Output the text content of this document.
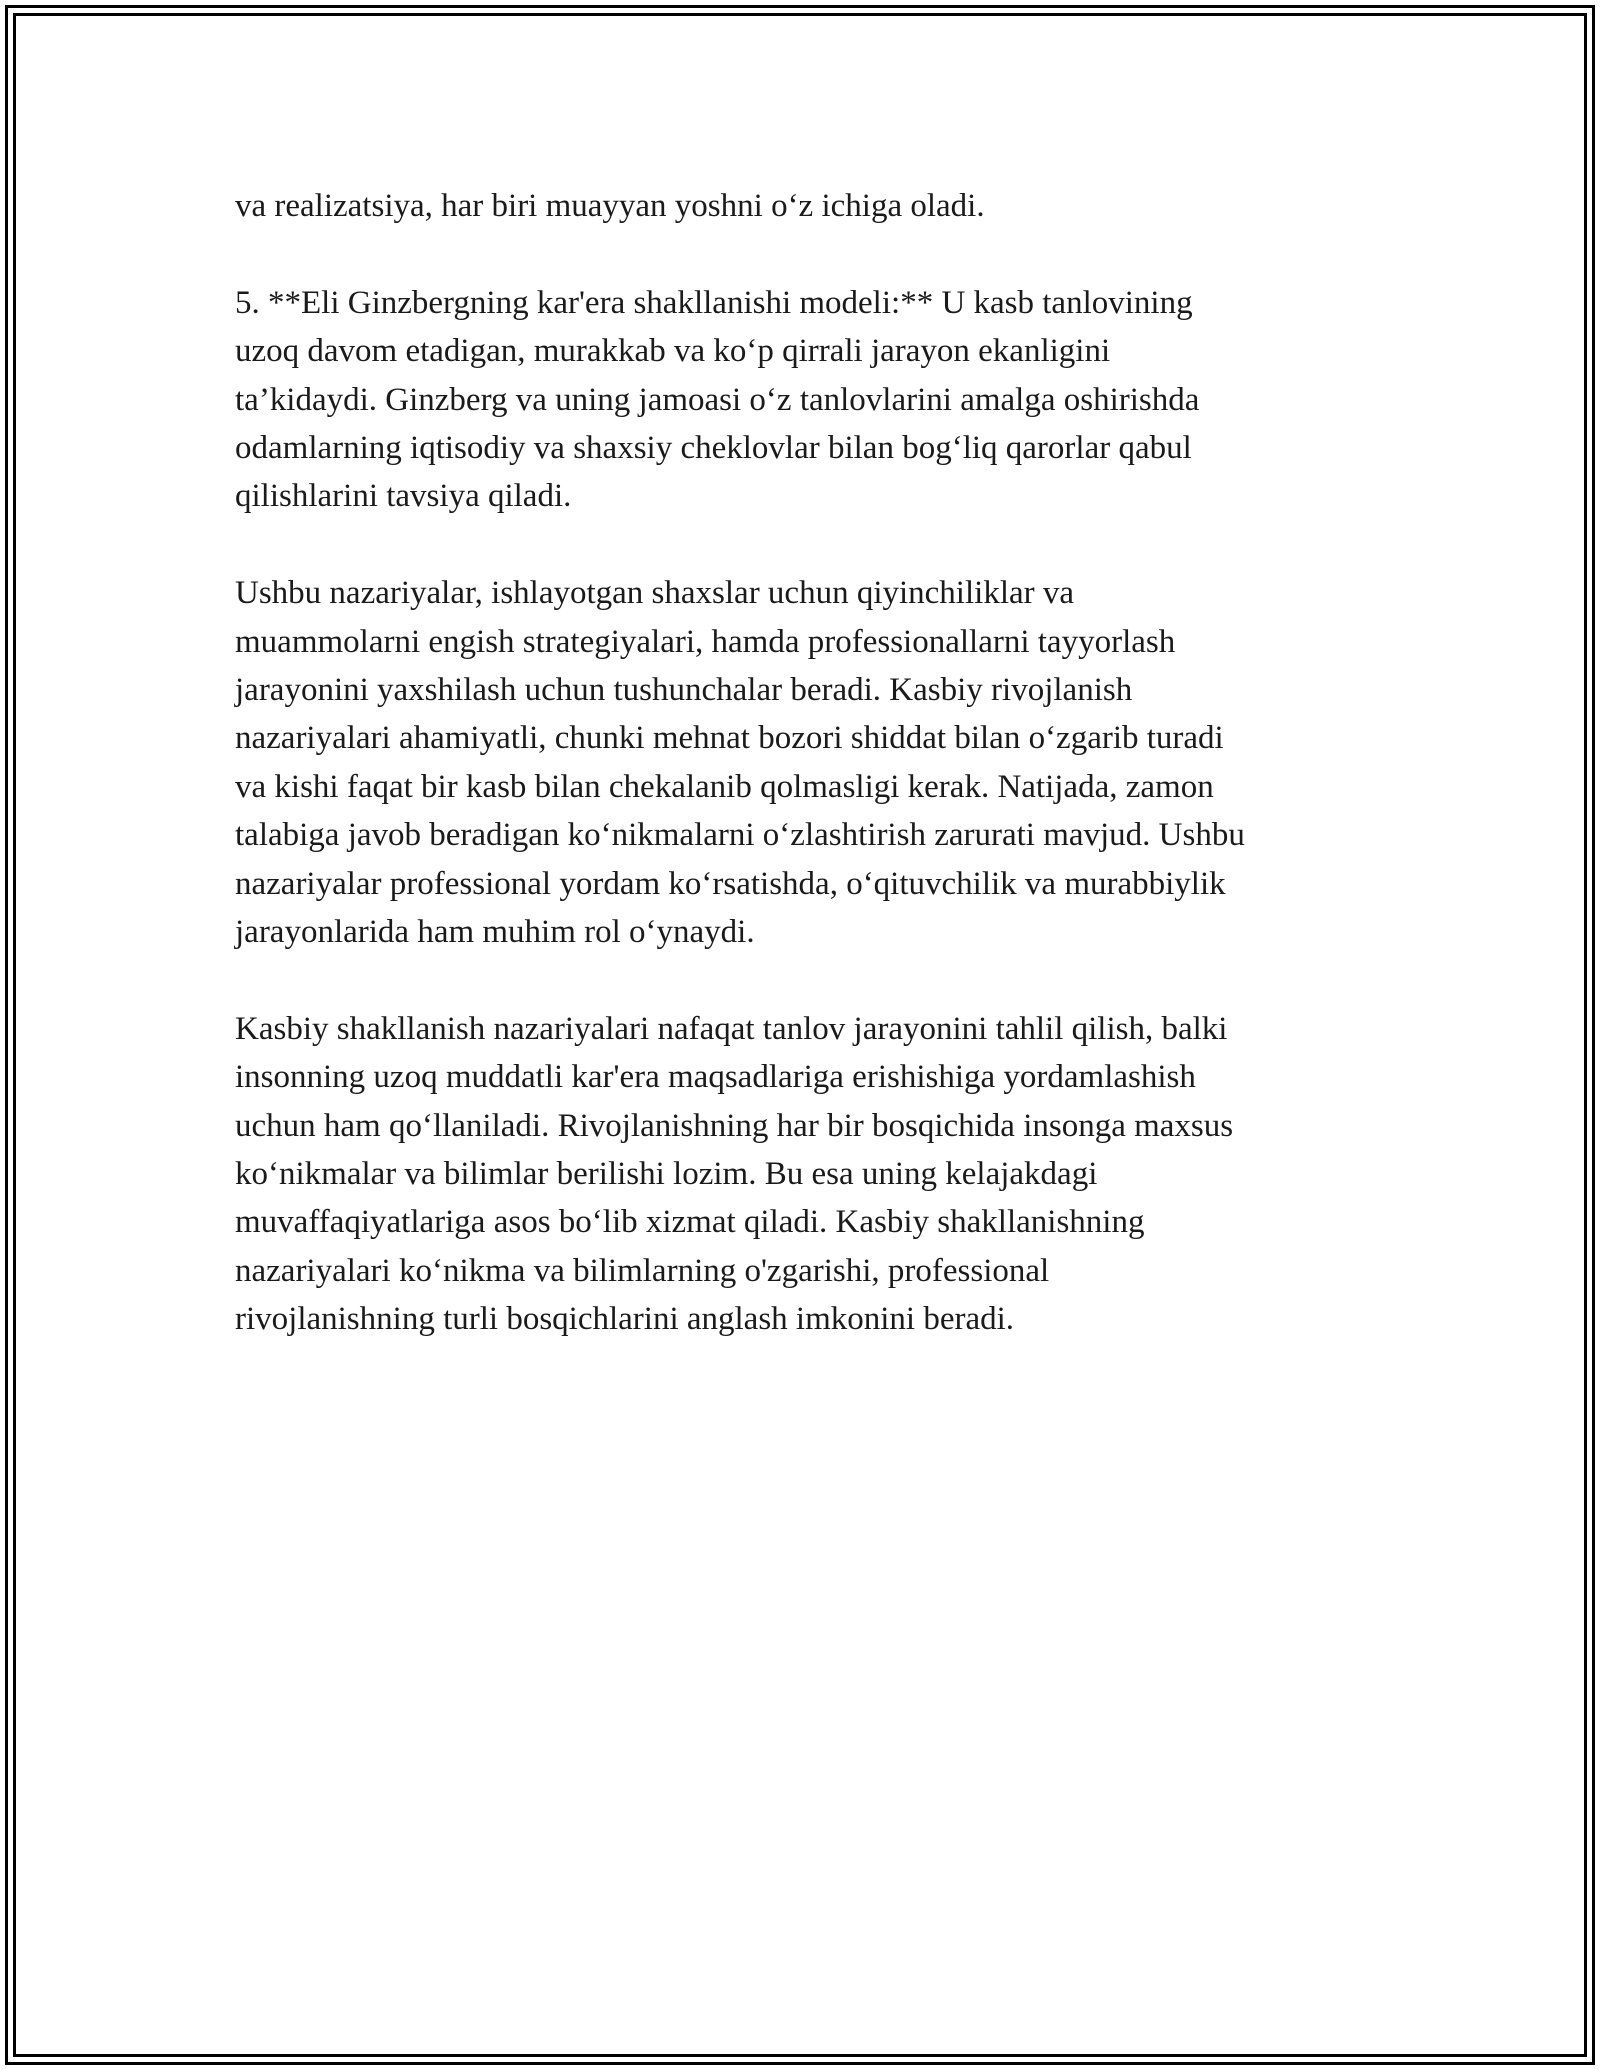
va realizatsiya, har biri muayyan yoshni o‘z ichiga oladi.

5. **Eli Ginzbergning kar'era shakllanishi modeli:** U kasb tanlovining
uzoq davom etadigan, murakkab va ko‘p qirrali jarayon ekanligini
ta’kidaydi. Ginzberg va uning jamoasi o‘z tanlovlarini amalga oshirishda
odamlarning iqtisodiy va shaxsiy cheklovlar bilan bog‘liq qarorlar qabul
qilishlarini tavsiya qiladi.

Ushbu nazariyalar, ishlayotgan shaxslar uchun qiyinchiliklar va
muammolarni engish strategiyalari, hamda professionallarni tayyorlash
jarayonini yaxshilash uchun tushunchalar beradi. Kasbiy rivojlanish
nazariyalari ahamiyatli, chunki mehnat bozori shiddat bilan o‘zgarib turadi
va kishi faqat bir kasb bilan chekalanib qolmasligi kerak. Natijada, zamon
talabiga javob beradigan ko‘nikmalarni o‘zlashtirish zarurati mavjud. Ushbu
nazariyalar professional yordam ko‘rsatishda, o‘qituvchilik va murabbiylik
jarayonlarida ham muhim rol o‘ynaydi.

Kasbiy shakllanish nazariyalari nafaqat tanlov jarayonini tahlil qilish, balki
insonning uzoq muddatli kar'era maqsadlariga erishishiga yordamlashish
uchun ham qo‘llaniladi. Rivojlanishning har bir bosqichida insonga maxsus
ko‘nikmalar va bilimlar berilishi lozim. Bu esa uning kelajakdagi
muvaffaqiyatlariga asos bo‘lib xizmat qiladi. Kasbiy shakllanishning
nazariyalari ko‘nikma va bilimlarning o'zgarishi, professional
rivojlanishning turli bosqichlarini anglash imkonini beradi.
